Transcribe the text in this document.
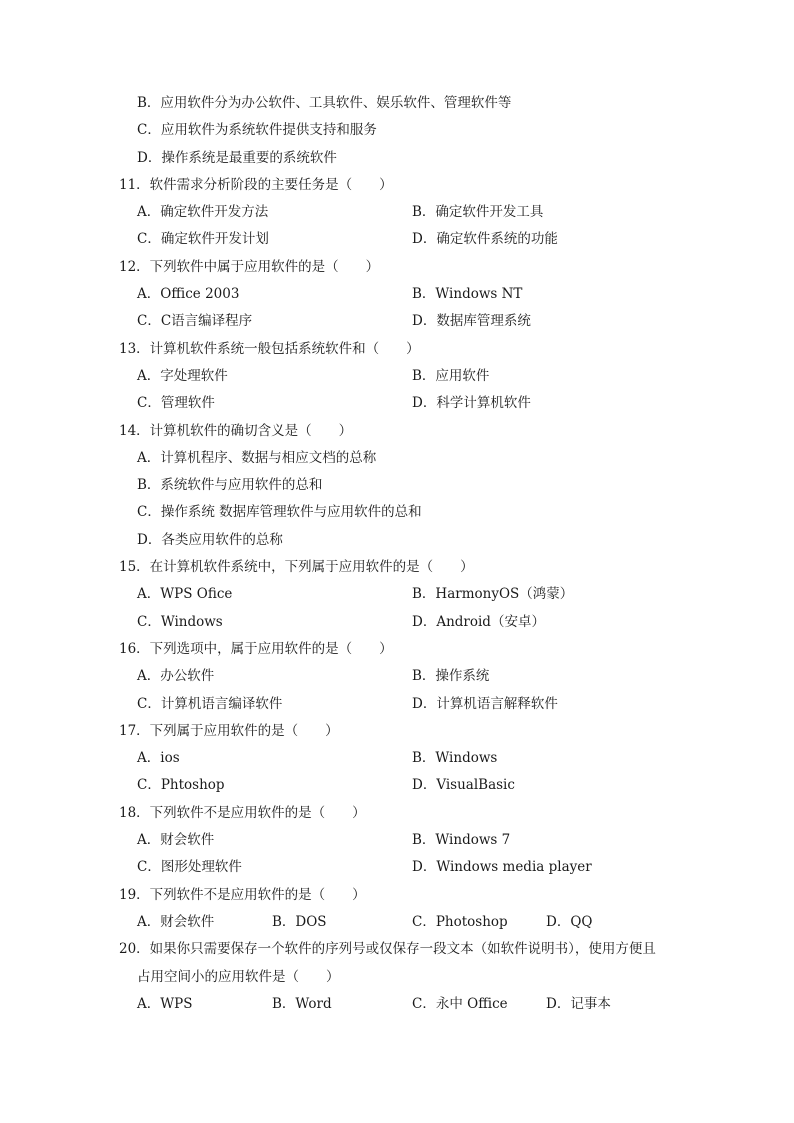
B．应用软件分为办公软件、工具软件、娱乐软件、管理软件等
C．应用软件为系统软件提供支持和服务
D．操作系统是最重要的系统软件
11．软件需求分析阶段的主要任务是（　　）
A．确定软件开发方法	B．确定软件开发工具
C．确定软件开发计划	D．确定软件系统的功能
12．下列软件中属于应用软件的是（　　）
A．Office 2003	B．Windows NT
C．C语言编译程序	D．数据库管理系统
13．计算机软件系统一般包括系统软件和（　　）
A．字处理软件	B．应用软件
C．管理软件	D．科学计算机软件
14．计算机软件的确切含义是（　　）
A．计算机程序、数据与相应文档的总称
B．系统软件与应用软件的总和
C．操作系统 数据库管理软件与应用软件的总和
D．各类应用软件的总称
15．在计算机软件系统中，下列属于应用软件的是（　　）
A．WPS Ofice	B．HarmonyOS（鸿蒙）
C．Windows	D．Android（安卓）
16．下列选项中，属于应用软件的是（　　）
A．办公软件	B．操作系统
C．计算机语言编译软件	D．计算机语言解释软件
17．下列属于应用软件的是（　　）
A．ios	B．Windows
C．Phtoshop	D．VisualBasic
18．下列软件不是应用软件的是（　　）
A．财会软件	B．Windows 7
C．图形处理软件	D．Windows media player
19．下列软件不是应用软件的是（　　）
A．财会软件	B．DOS	C．Photoshop	D．QQ
20．如果你只需要保存一个软件的序列号或仅保存一段文本（如软件说明书），使用方便且
占用空间小的应用软件是（　　）
A．WPS	B．Word	C．永中 Office	D．记事本
